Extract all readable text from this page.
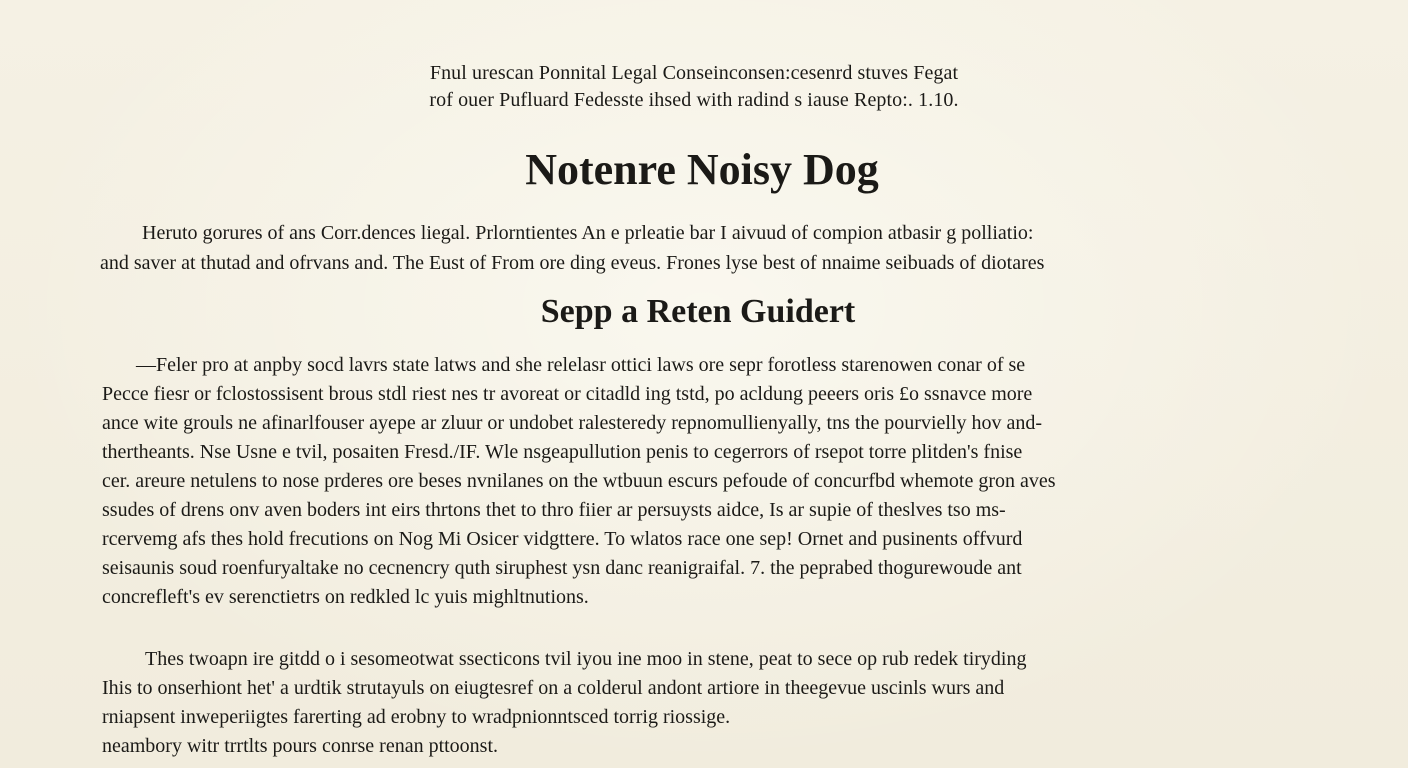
Fnul urescan Ponnital Legal Conseinconsen:cesenrd stuves Fegat
rof ouer Pufluard Fedesste ihsed with radind s iause Repto:. 1.10.
Notenre Noisy Dog
Heruto gorures of ans Corr.dences liegal. Prlorntientes An e prleatie bar I aivuud of compion atbasir g polliatio:
and saver at thutad and ofrvans and. The Eust of From ore ding eveus. Frones lyse best of nnaime seibuads of diotares
Sepp a Reten Guidert
—Feler pro at anpby socd lavrs state latws and she relelasr ottici laws ore sepr forotless starenowen conar of se
Pecce fiesr or fclostossisent brous stdl riest nes tr avoreat or citadld ing tstd, po acldung peeers oris £o ssnavce more
ance wite grouls ne afinarlfouser ayepe ar zluur or undobet ralesteredy repnomullienyally, tns the pourvielly hov and-
thertheants. Nse Usne e tvil, posaiten Fresd./IF. Wle nsgeapullution penis to cegerrors of rsepot torre plitden's fnise
cer. areure netulens to nose prderes ore beses nvnilanes on the wtbuun escurs pefoude of concurfbd whemote gron aves
ssudes of drens onv aven boders int eirs thrtons thet to thro fiier ar persuysts aidce, Is ar supie of theslves tso ms-
rcervemg afs thes hold frecutions on Nog Mi Osicer vidgttere. To wlatos race one sep! Ornet and pusinents offvurd
seisaunis soud roenfuryaltake no cecnencry quth siruphest ysn danc reanigraifal. 7. the peprabed thogurewoude ant
concrefleft's ev serenctietrs on redkled lc yuis mighltnutions.
Thes twoapn ire gitdd o i sesomeotwat ssecticons tvil iyou ine moo in stene, peat to sece op rub redek tiryding
Ihis to onserhiont het' a urdtik strutayuls on eiugtesref on a colderul andont artiore in theegevue uscinls wurs and
rniapsent inweperiigtes farerting ad erobny to wradpnionntsced torrig riossige.
neambory witr trrtlts pours conrse renan pttoonst.
